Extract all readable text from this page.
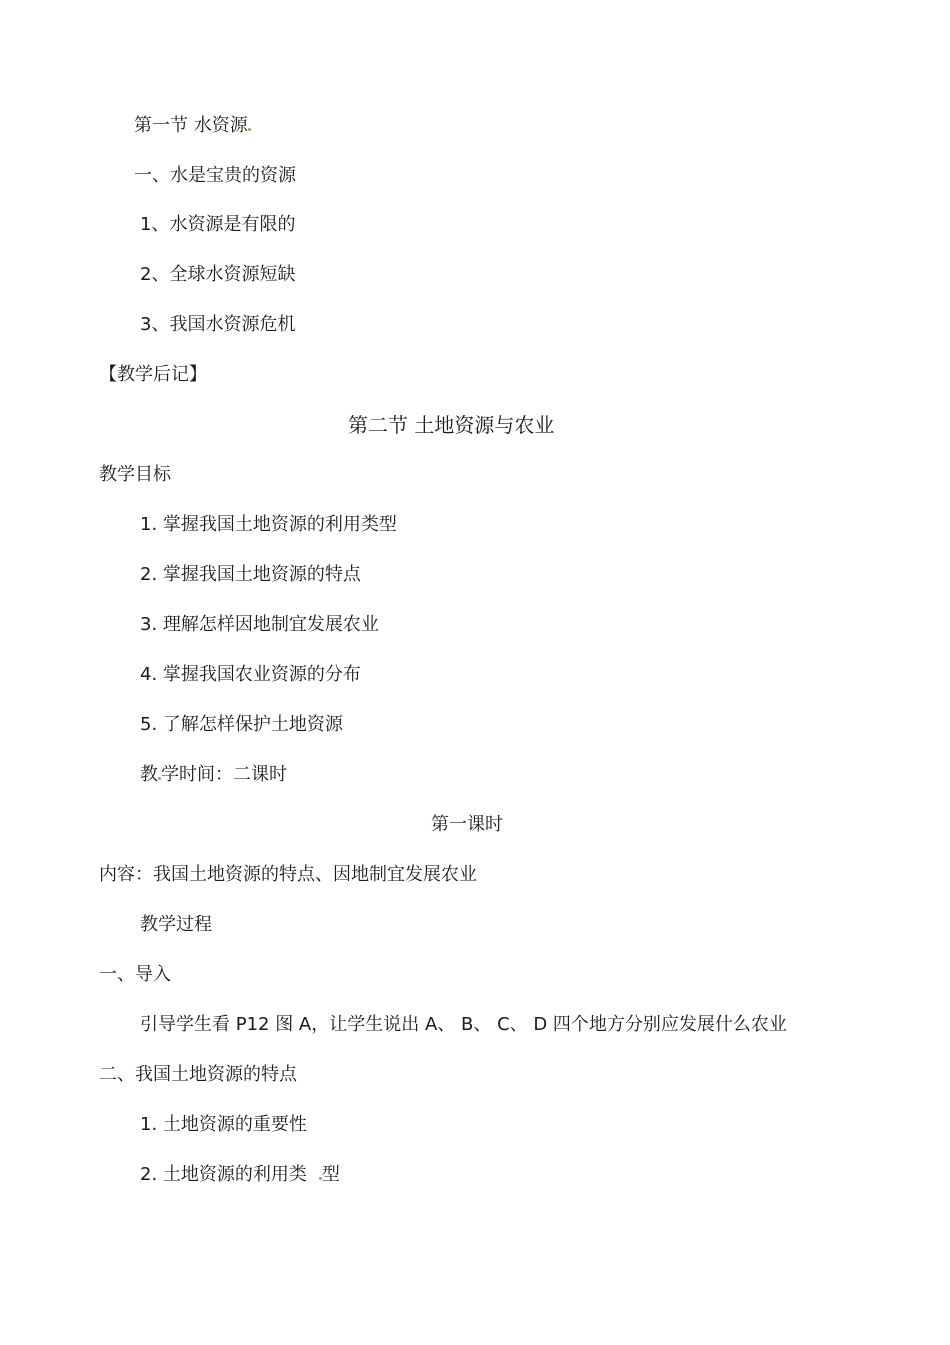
第一节 水资源
一、水是宝贵的资源
1、水资源是有限的
2、全球水资源短缺
3、我国水资源危机
【教学后记】
第二节 土地资源与农业
教学目标
1. 掌握我国土地资源的利用类型
2. 掌握我国土地资源的特点
3. 理解怎样因地制宜发展农业
4. 掌握我国农业资源的分布
5. 了解怎样保护土地资源
教 学时间：二课时
第一课时
内容：我国土地资源的特点、因地制宜发展农业
教学过程
一、导入
引导学生看 P12 图 A，让学生说出 A、 B、 C、 D 四个地方分别应发展什么农业
二、我国土地资源的特点
1. 土地资源的重要性
2. 土地资源的利用类 型
